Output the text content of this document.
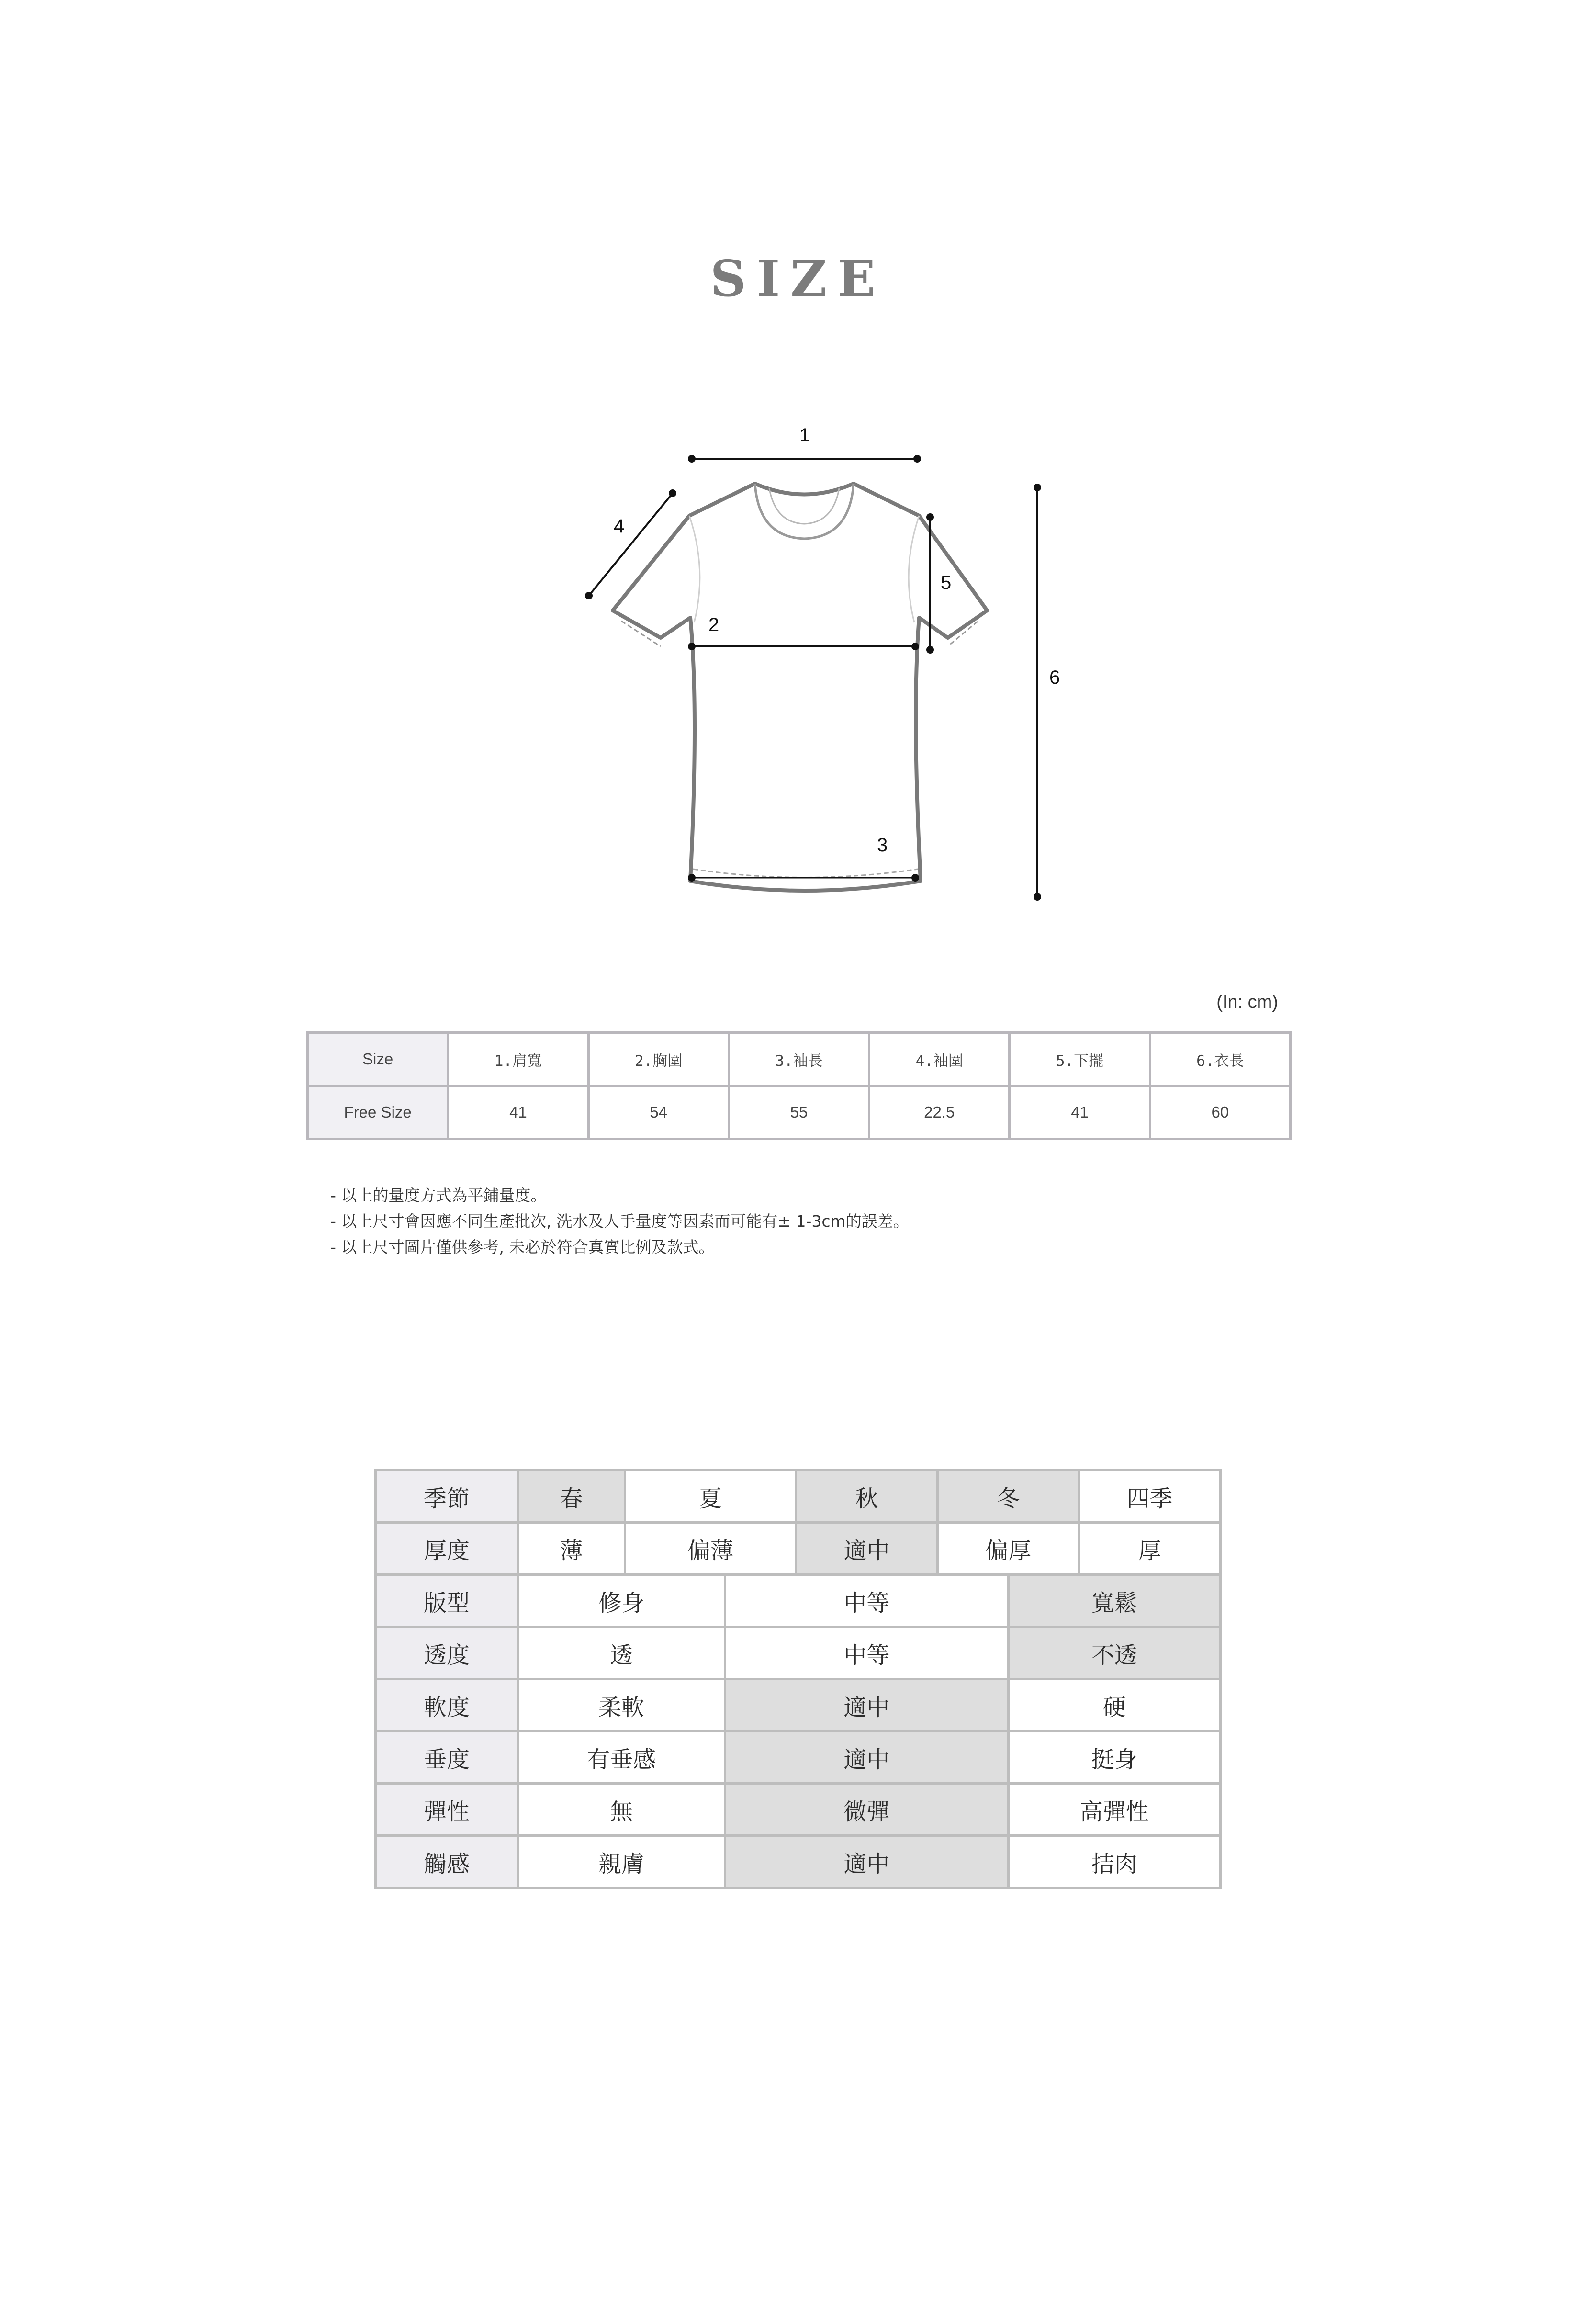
SIZE
1
2
3
4
5
6
(In: cm)
Size	1.肩寬	2.胸圍	3.袖長	4.袖圍	5.下擺	6.衣長
Free Size	41	54	55	22.5	41	60
- 以上的量度方式為平鋪量度。
- 以上尺寸會因應不同生產批次, 洗水及人手量度等因素而可能有± 1-3cm的誤差。
- 以上尺寸圖片僅供參考, 未必於符合真實比例及款式。
季節	春	夏		秋	冬		四季
厚度	薄	偏薄		適中	偏厚		厚
版型	修身		中等			寬鬆	
透度	透		中等			不透	
軟度	柔軟		適中			硬	
垂度	有垂感		適中			挺身	
彈性	無		微彈			高彈性	
觸感	親膚		適中			拮肉	
